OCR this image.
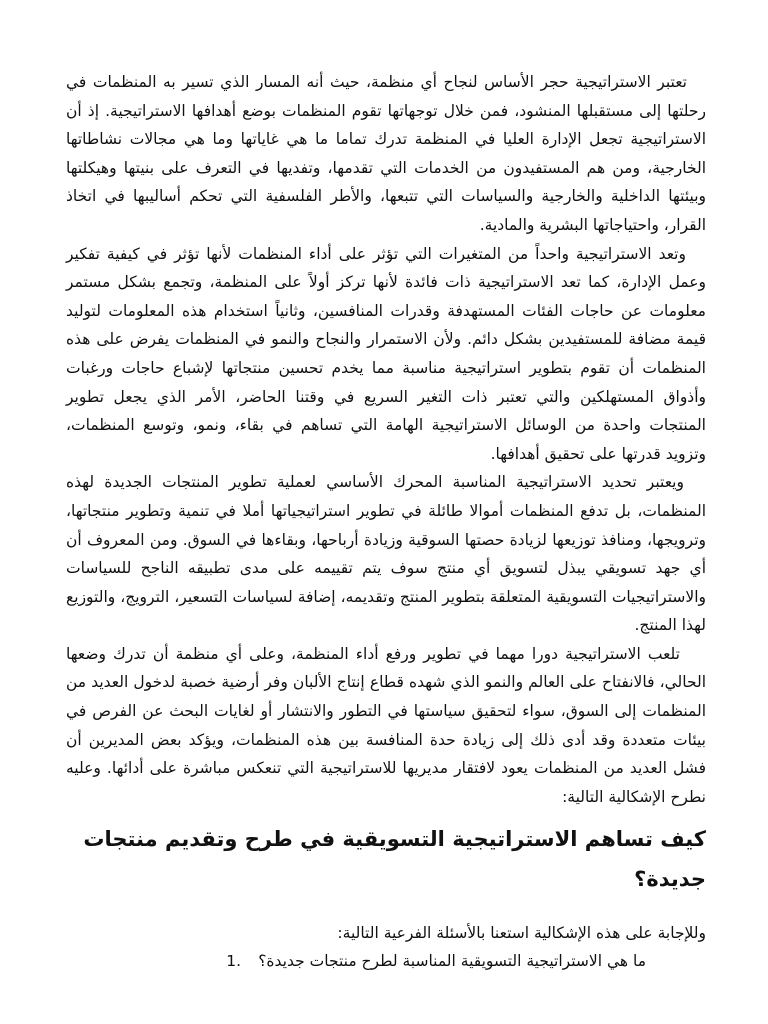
تعتبر الاستراتيجية حجر الأساس لنجاح أي منظمة، حيث أنه المسار الذي تسير به المنظمات في رحلتها إلى مستقبلها المنشود، فمن خلال توجهاتها تقوم المنظمات بوضع أهدافها الاستراتيجية. إذ أن الاستراتيجية تجعل الإدارة العليا في المنظمة تدرك تماما ما هي غاياتها وما هي مجالات نشاطاتها الخارجية، ومن هم المستفيدون من الخدمات التي تقدمها، وتفديها في التعرف على بنيتها وهيكلتها وبيئتها الداخلية والخارجية والسياسات التي تتبعها، والأطر الفلسفية التي تحكم أساليبها في اتخاذ القرار، واحتياجاتها البشرية والمادية.

وتعد الاستراتيجية واحداً من المتغيرات التي تؤثر على أداء المنظمات لأنها تؤثر في كيفية تفكير وعمل الإدارة، كما تعد الاستراتيجية ذات فائدة لأنها تركز أولاً على المنظمة، وتجمع بشكل مستمر معلومات عن حاجات الفئات المستهدفة وقدرات المنافسين، وثانياً استخدام هذه المعلومات لتوليد قيمة مضافة للمستفيدين بشكل دائم. ولأن الاستمرار والنجاح والنمو في المنظمات يفرض على هذه المنظمات أن تقوم بتطوير استراتيجية مناسبة مما يخدم تحسين منتجاتها لإشباع حاجات ورغبات وأذواق المستهلكين والتي تعتبر ذات التغير السريع في وقتنا الحاضر، الأمر الذي يجعل تطوير المنتجات واحدة من الوسائل الاستراتيجية الهامة التي تساهم في بقاء، ونمو، وتوسع المنظمات، وتزويد قدرتها على تحقيق أهدافها.

ويعتبر تحديد الاستراتيجية المناسبة المحرك الأساسي لعملية تطوير المنتجات الجديدة لهذه المنظمات، بل تدفع المنظمات أموالا طائلة في تطوير استراتيجياتها أملا في تنمية وتطوير منتجاتها، وترويجها، ومنافذ توزيعها لزيادة حصتها السوقية وزيادة أرباحها، وبقاءها في السوق. ومن المعروف أن أي جهد تسويقي يبذل لتسويق أي منتج سوف يتم تقييمه على مدى تطبيقه الناجح للسياسات والاستراتيجيات التسويقية المتعلقة بتطوير المنتج وتقديمه، إضافة لسياسات التسعير، الترويج، والتوزيع لهذا المنتج.

تلعب الاستراتيجية دورا مهما في تطوير ورفع أداء المنظمة، وعلى أي منظمة أن تدرك وضعها الحالي، فالانفتاح على العالم والنمو الذي شهده قطاع إنتاج الألبان وفر أرضية خصبة لدخول العديد من المنظمات إلى السوق، سواء لتحقيق سياستها في التطور والانتشار أو لغايات البحث عن الفرص في بيئات متعددة وقد أدى ذلك إلى زيادة حدة المنافسة بين هذه المنظمات، ويؤكد بعض المديرين أن فشل العديد من المنظمات يعود لافتقار مديريها للاستراتيجية التي تنعكس مباشرة على أدائها. وعليه نطرح الإشكالية التالية:

كيف تساهم الاستراتيجية التسويقية في طرح وتقديم منتجات جديدة؟

وللإجابة على هذه الإشكالية استعنا بالأسئلة الفرعية التالية:

ما هي الاستراتيجية التسويقية المناسبة لطرح منتجات جديدة؟
1.
